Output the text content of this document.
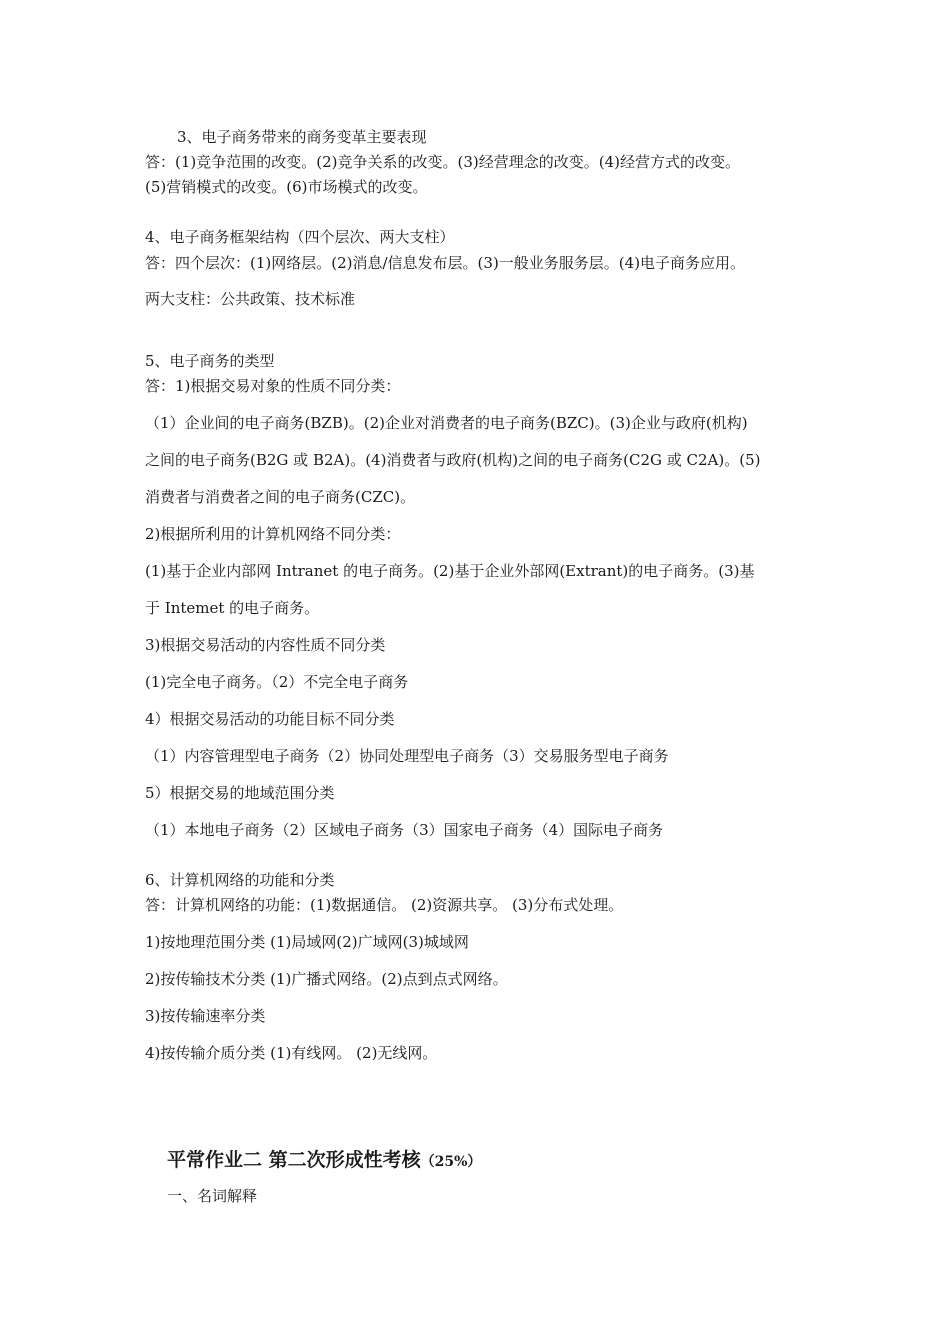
3、电子商务带来的商务变革主要表现
答：(1)竞争范围的改变。(2)竞争关系的改变。(3)经营理念的改变。(4)经营方式的改变。
(5)营销模式的改变。(6)市场模式的改变。
4、电子商务框架结构（四个层次、两大支柱）
答：四个层次：(1)网络层。(2)消息/信息发布层。(3)一般业务服务层。(4)电子商务应用。
两大支柱：公共政策、技术标准
5、电子商务的类型
答：1)根据交易对象的性质不同分类：
（1）企业间的电子商务(BZB)。(2)企业对消费者的电子商务(BZC)。(3)企业与政府(机构)
之间的电子商务(B2G 或 B2A)。(4)消费者与政府(机构)之间的电子商务(C2G 或 C2A)。(5)
消费者与消费者之间的电子商务(CZC)。
2)根据所利用的计算机网络不同分类：
(1)基于企业内部网 Intranet 的电子商务。(2)基于企业外部网(Extrant)的电子商务。(3)基
于 Intemet 的电子商务。
3)根据交易活动的内容性质不同分类
(1)完全电子商务。（2）不完全电子商务
4）根据交易活动的功能目标不同分类
（1）内容管理型电子商务（2）协同处理型电子商务（3）交易服务型电子商务
5）根据交易的地域范围分类
（1）本地电子商务（2）区域电子商务（3）国家电子商务（4）国际电子商务
6、计算机网络的功能和分类
答：计算机网络的功能：(1)数据通信。 (2)资源共享。 (3)分布式处理。
1)按地理范围分类 (1)局域网(2)广域网(3)城域网
2)按传输技术分类 (1)广播式网络。(2)点到点式网络。
3)按传输速率分类
4)按传输介质分类 (1)有线网。 (2)无线网。
平常作业二 第二次形成性考核（25%）
一、名词解释
